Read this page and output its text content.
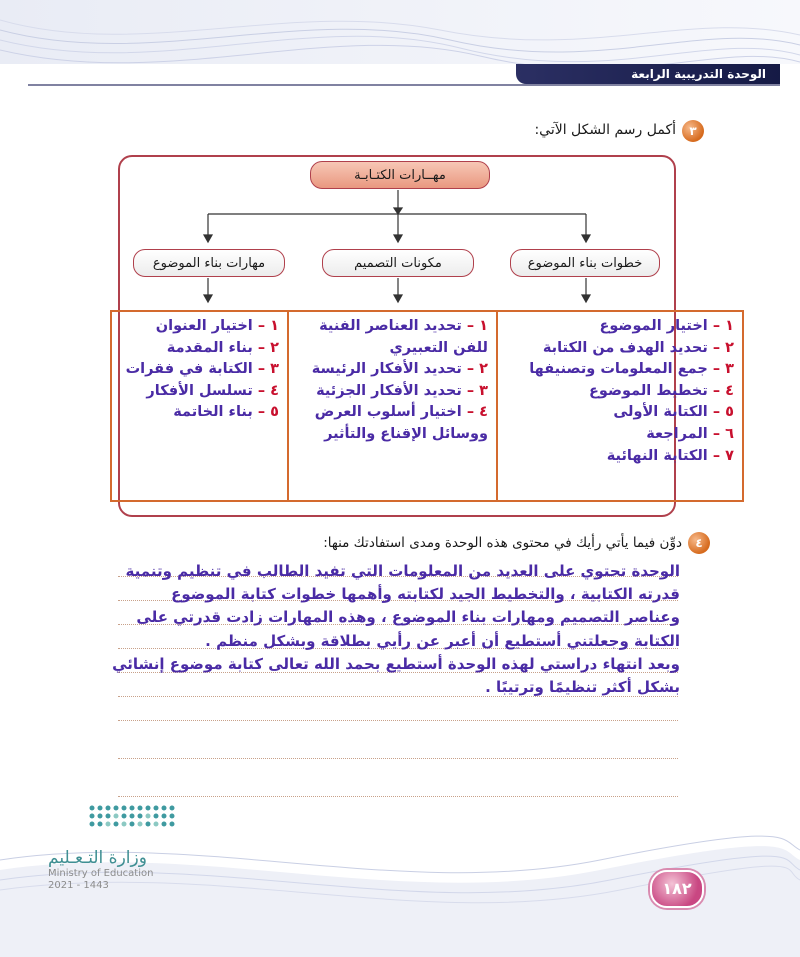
الوحدة التدريبية الرابعة
٣
أكمل رسم الشكل الآتي:
مهــارات الكتـابـة
خطوات بناء الموضوع
مكونات التصميم
مهارات بناء الموضوع
١ – اختيار الموضوع
٢ – تحديد الهدف من الكتابة
٣ – جمع المعلومات وتصنيفها
٤ – تخطيط الموضوع
٥ – الكتابة الأولى
٦ – المراجعة
٧ – الكتابة النهائية
١ – تحديد العناصر الفنية
للفن التعبيري
٢ – تحديد الأفكار الرئيسة
٣ – تحديد الأفكار الجزئية
٤ – اختيار أسلوب العرض
ووسائل الإقناع والتأثير
١ – اختيار العنوان
٢ – بناء المقدمة
٣ – الكتابة في فقرات
٤ – تسلسل الأفكار
٥ – بناء الخاتمة
٤
دوِّن فيما يأتي رأيك في محتوى هذه الوحدة ومدى استفادتك منها:

الوحدة تحتوي على العديد من المعلومات التي تفيد الطالب في تنظيم وتنمية

قدرته الكتابية ، والتخطيط الجيد لكتابته وأهمها خطوات كتابة الموضوع

وعناصر التصميم ومهارات بناء الموضوع ، وهذه المهارات زادت قدرتي على

الكتابة وجعلتني أستطيع أن أعبر عن رأيي بطلاقة وبشكل منظم .

وبعد انتهاء دراستي لهذه الوحدة أستطيع بحمد الله تعالى كتابة موضوع إنشائي

بشكل أكثر تنظيمًا وترتيبًا .

وزارة التـعـليم
Ministry of Education
2021 - 1443	١٨٢
